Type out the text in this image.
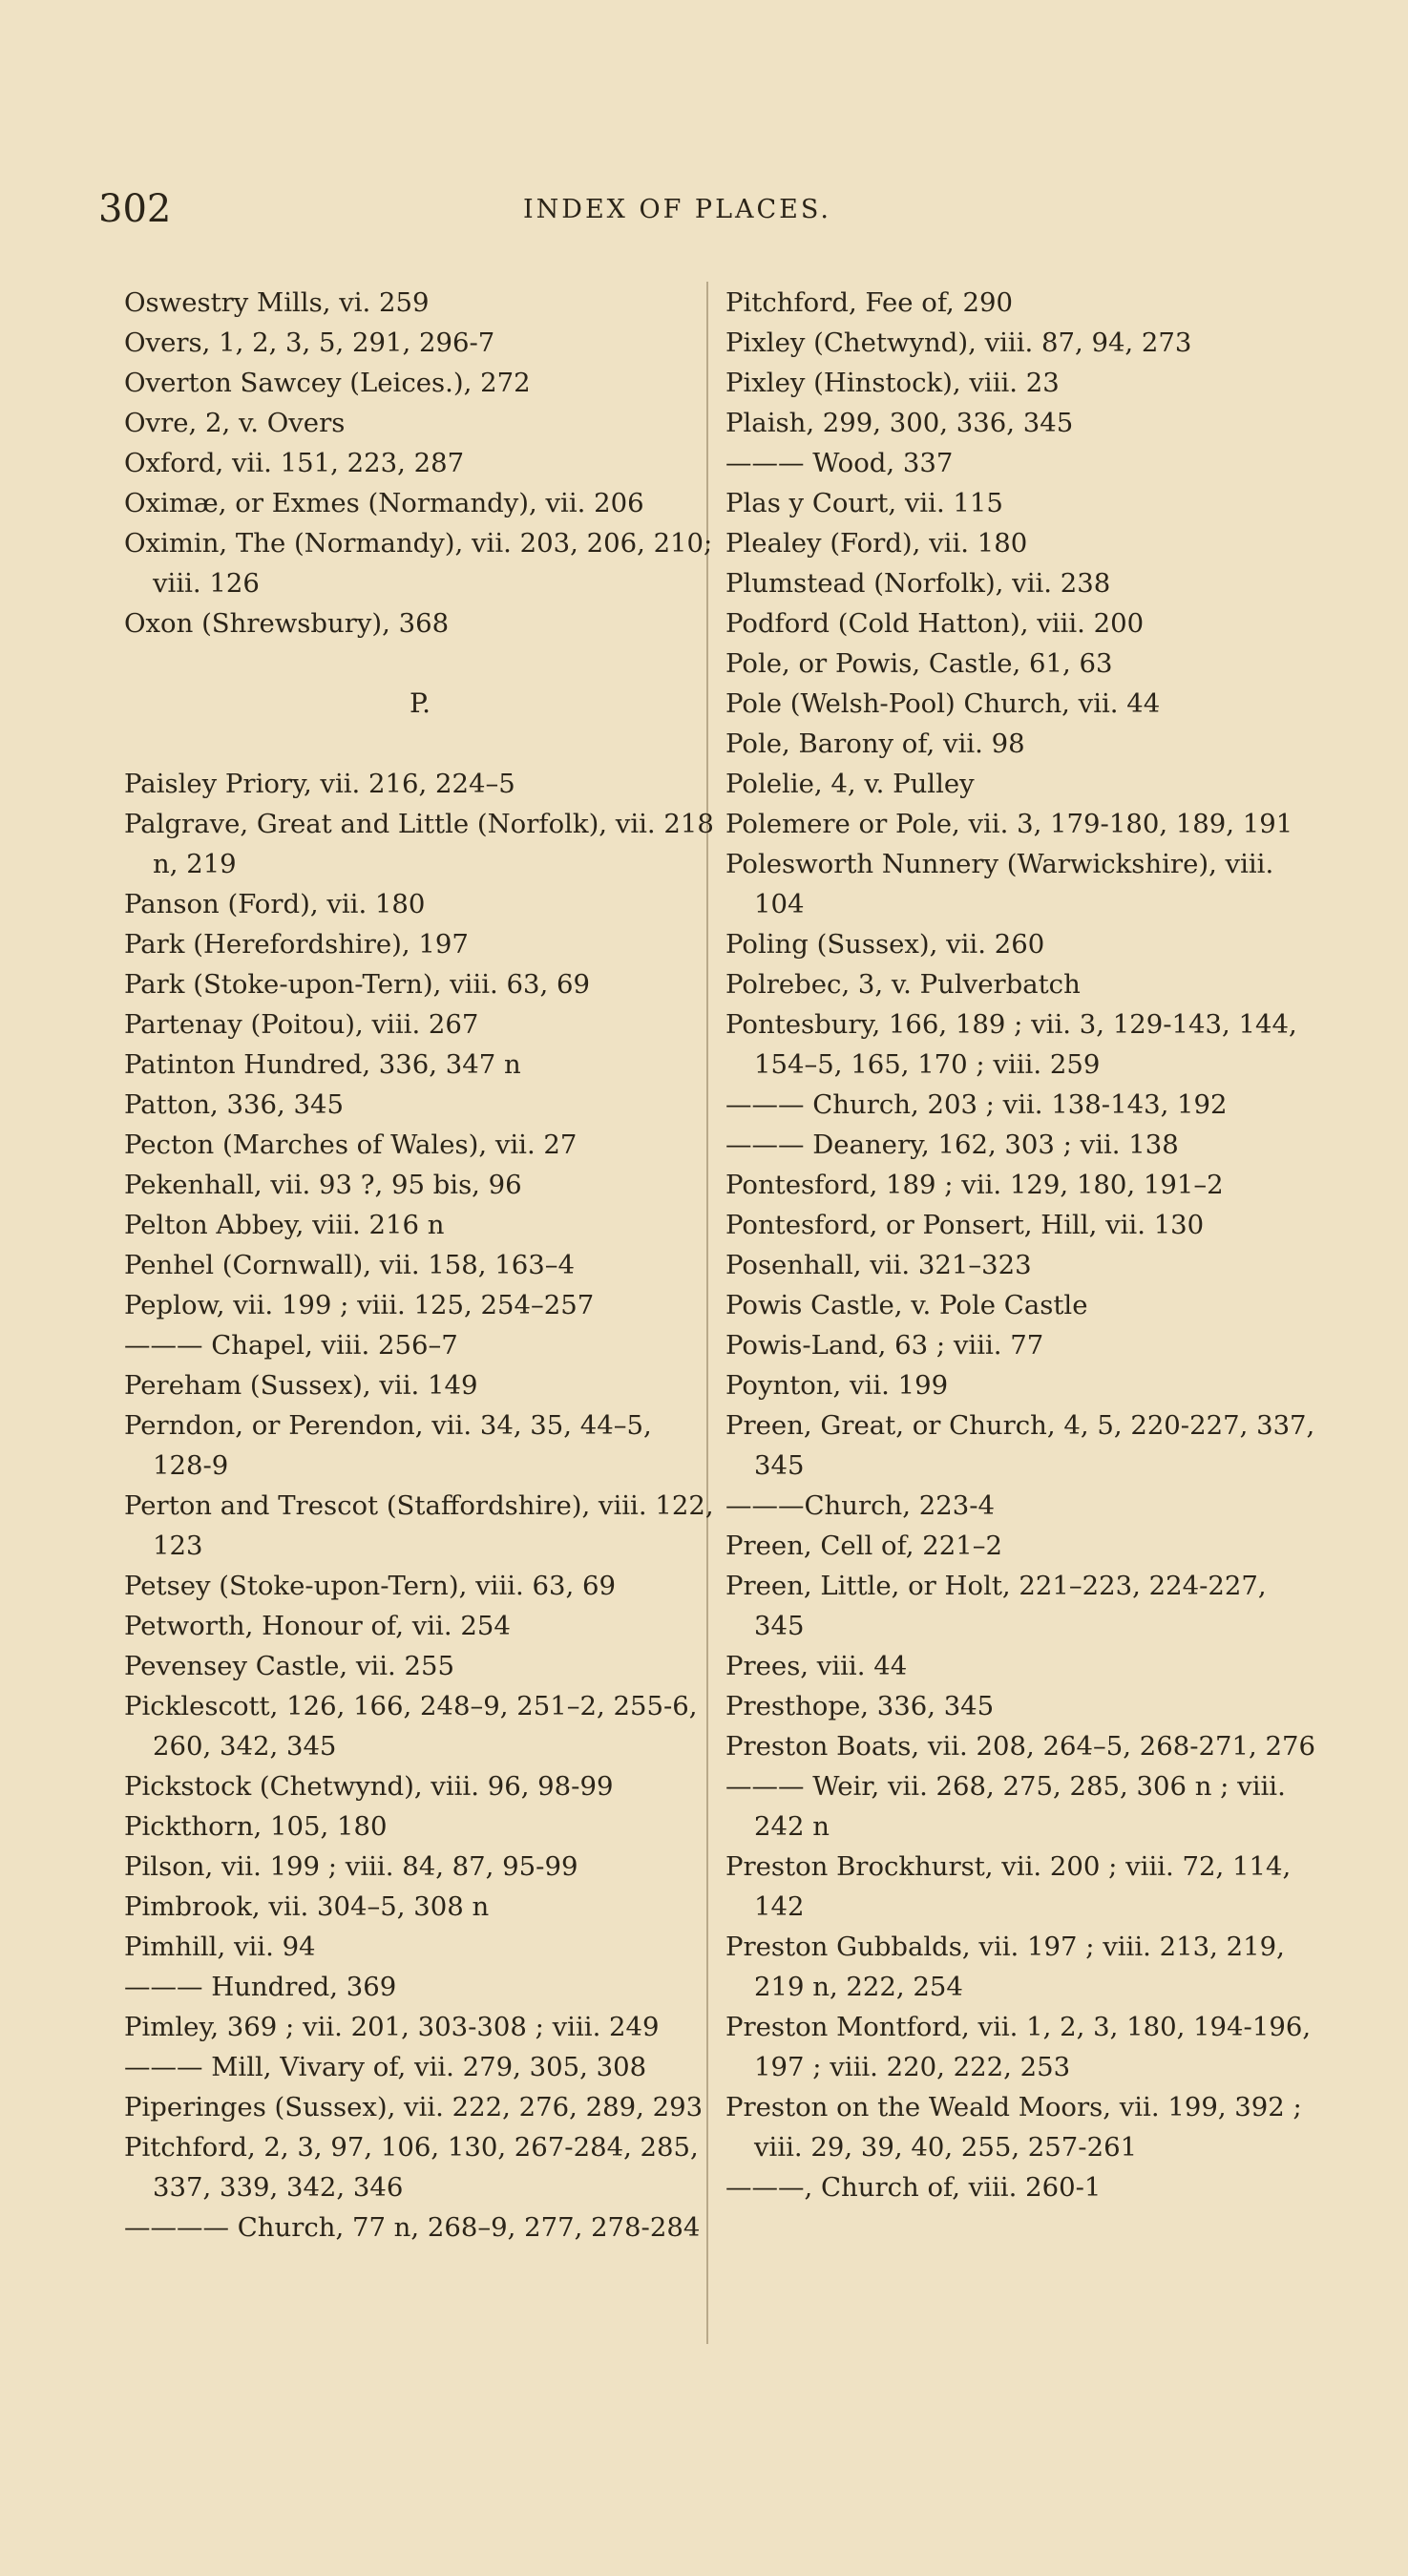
302	INDEX OF PLACES.
Oswestry Mills, vi. 259
Overs, 1, 2, 3, 5, 291, 296-7
Overton Sawcey (Leices.), 272
Ovre, 2, v. Overs
Oxford, vii. 151, 223, 287
Oximæ, or Exmes (Normandy), vii. 206
Oximin, The (Normandy), vii. 203, 206, 210; viii. 126
Oxon (Shrewsbury), 368
P.
Paisley Priory, vii. 216, 224–5
Palgrave, Great and Little (Norfolk), vii. 218 n, 219
Panson (Ford), vii. 180
Park (Herefordshire), 197
Park (Stoke-upon-Tern), viii. 63, 69
Partenay (Poitou), viii. 267
Patinton Hundred, 336, 347 n
Patton, 336, 345
Pecton (Marches of Wales), vii. 27
Pekenhall, vii. 93 ?, 95 bis, 96
Pelton Abbey, viii. 216 n
Penhel (Cornwall), vii. 158, 163–4
Peplow, vii. 199 ; viii. 125, 254–257
——— Chapel, viii. 256–7
Pereham (Sussex), vii. 149
Perndon, or Perendon, vii. 34, 35, 44–5, 128-9
Perton and Trescot (Staffordshire), viii. 122, 123
Petsey (Stoke-upon-Tern), viii. 63, 69
Petworth, Honour of, vii. 254
Pevensey Castle, vii. 255
Picklescott, 126, 166, 248–9, 251–2, 255-6, 260, 342, 345
Pickstock (Chetwynd), viii. 96, 98-99
Pickthorn, 105, 180
Pilson, vii. 199 ; viii. 84, 87, 95-99
Pimbrook, vii. 304–5, 308 n
Pimhill, vii. 94
——— Hundred, 369
Pimley, 369 ; vii. 201, 303-308 ; viii. 249
——— Mill, Vivary of, vii. 279, 305, 308
Piperinges (Sussex), vii. 222, 276, 289, 293
Pitchford, 2, 3, 97, 106, 130, 267-284, 285, 337, 339, 342, 346
———— Church, 77 n, 268–9, 277, 278-284
Pitchford, Fee of, 290
Pixley (Chetwynd), viii. 87, 94, 273
Pixley (Hinstock), viii. 23
Plaish, 299, 300, 336, 345
——— Wood, 337
Plas y Court, vii. 115
Plealey (Ford), vii. 180
Plumstead (Norfolk), vii. 238
Podford (Cold Hatton), viii. 200
Pole, or Powis, Castle, 61, 63
Pole (Welsh-Pool) Church, vii. 44
Pole, Barony of, vii. 98
Polelie, 4, v. Pulley
Polemere or Pole, vii. 3, 179-180, 189, 191
Polesworth Nunnery (Warwickshire), viii. 104
Poling (Sussex), vii. 260
Polrebec, 3, v. Pulverbatch
Pontesbury, 166, 189 ; vii. 3, 129-143, 144, 154–5, 165, 170 ; viii. 259
——— Church, 203 ; vii. 138-143, 192
——— Deanery, 162, 303 ; vii. 138
Pontesford, 189 ; vii. 129, 180, 191–2
Pontesford, or Ponsert, Hill, vii. 130
Posenhall, vii. 321–323
Powis Castle, v. Pole Castle
Powis-Land, 63 ; viii. 77
Poynton, vii. 199
Preen, Great, or Church, 4, 5, 220-227, 337, 345
———Church, 223-4
Preen, Cell of, 221–2
Preen, Little, or Holt, 221–223, 224-227, 345
Prees, viii. 44
Presthope, 336, 345
Preston Boats, vii. 208, 264–5, 268-271, 276
——— Weir, vii. 268, 275, 285, 306 n ; viii. 242 n
Preston Brockhurst, vii. 200 ; viii. 72, 114, 142
Preston Gubbalds, vii. 197 ; viii. 213, 219, 219 n, 222, 254
Preston Montford, vii. 1, 2, 3, 180, 194-196, 197 ; viii. 220, 222, 253
Preston on the Weald Moors, vii. 199, 392 ; viii. 29, 39, 40, 255, 257-261
———, Church of, viii. 260-1
